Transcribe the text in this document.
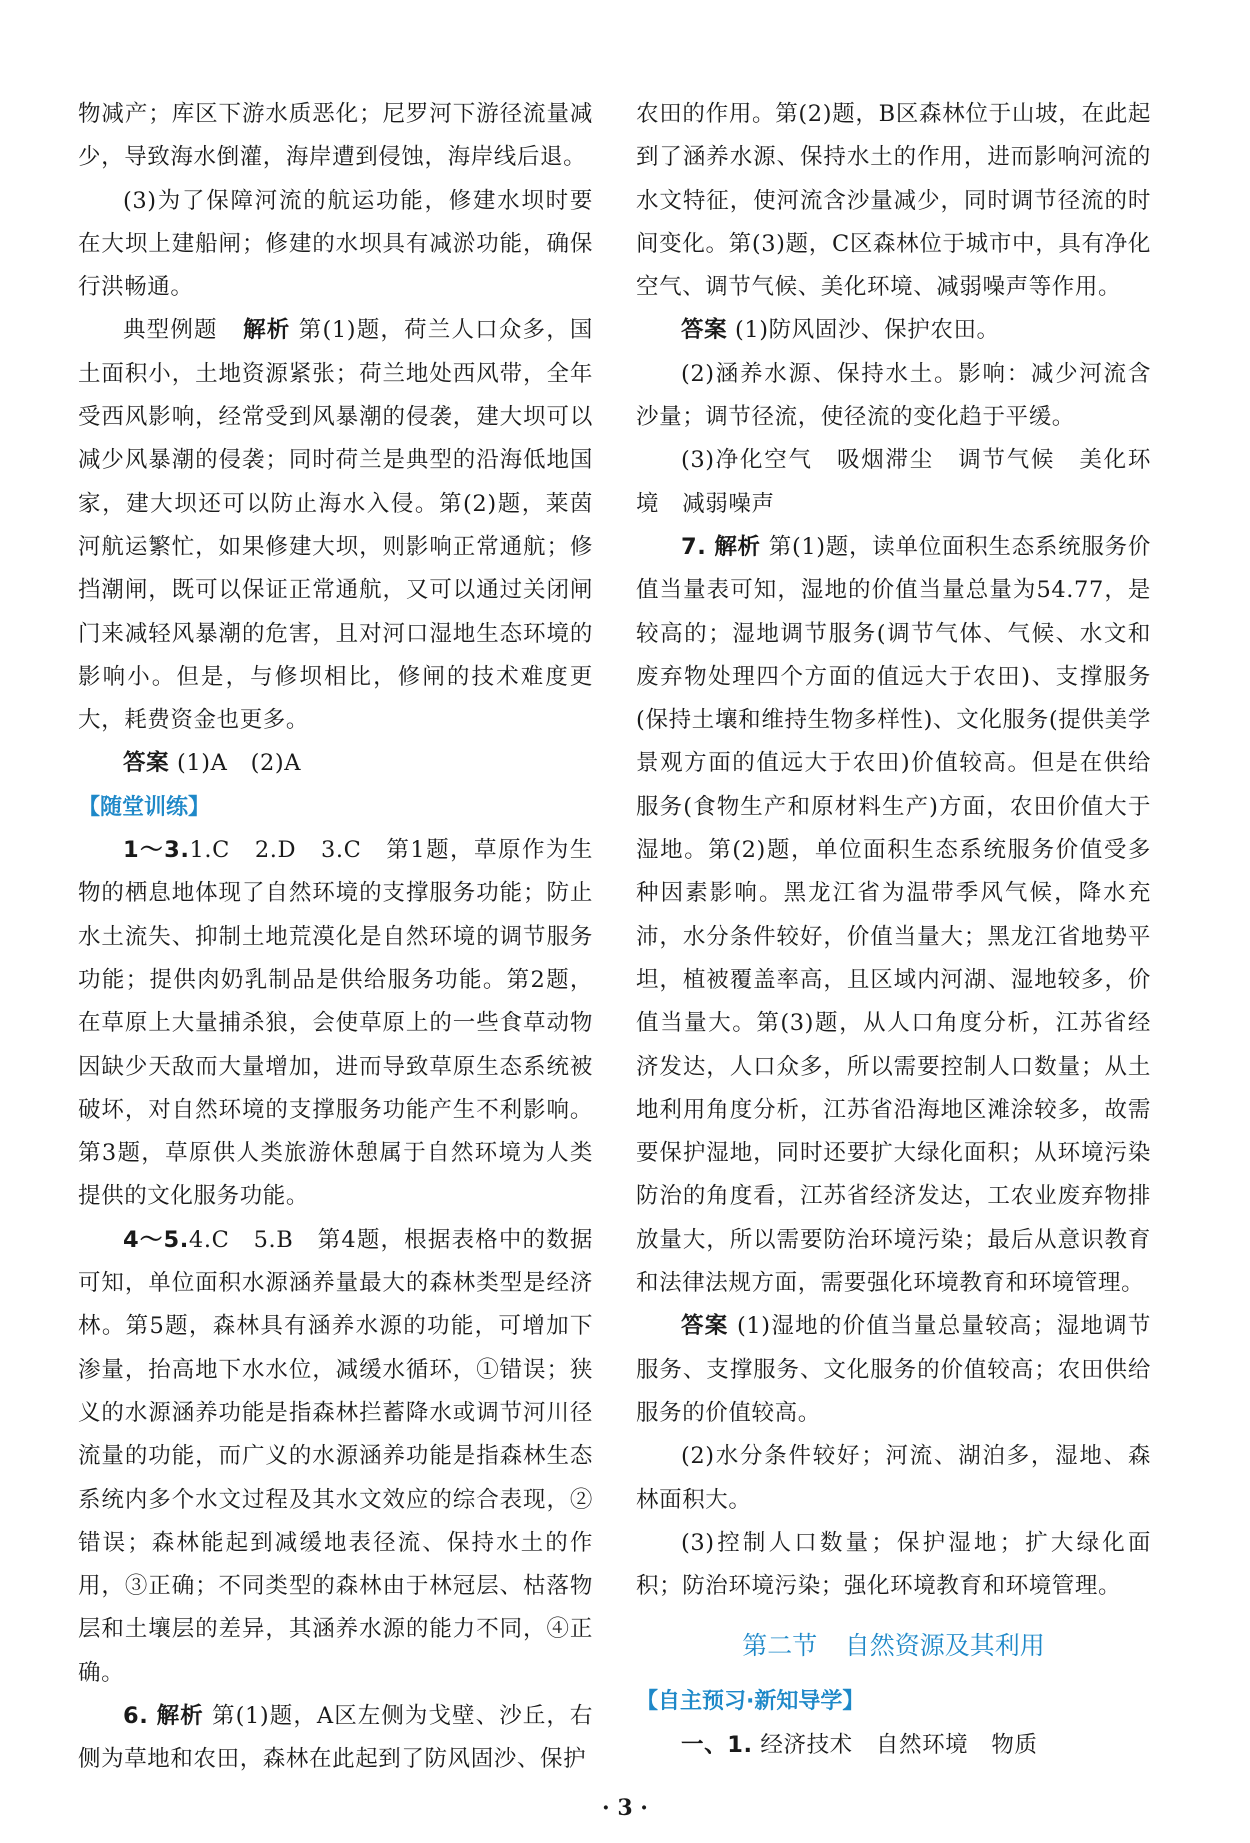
物减产；库区下游水质恶化；尼罗河下游径流量减少，导致海水倒灌，海岸遭到侵蚀，海岸线后退。

(3)为了保障河流的航运功能，修建水坝时要在大坝上建船闸；修建的水坝具有减淤功能，确保行洪畅通。

典型例题 解析 第(1)题，荷兰人口众多，国土面积小，土地资源紧张；荷兰地处西风带，全年受西风影响，经常受到风暴潮的侵袭，建大坝可以减少风暴潮的侵袭；同时荷兰是典型的沿海低地国家，建大坝还可以防止海水入侵。第(2)题，莱茵河航运繁忙，如果修建大坝，则影响正常通航；修挡潮闸，既可以保证正常通航，又可以通过关闭闸门来减轻风暴潮的危害，且对河口湿地生态环境的影响小。但是，与修坝相比，修闸的技术难度更大，耗费资金也更多。

答案 (1)A　(2)A

【随堂训练】

1～3.1.C　2.D　3.C　第1题，草原作为生物的栖息地体现了自然环境的支撑服务功能；防止水土流失、抑制土地荒漠化是自然环境的调节服务功能；提供肉奶乳制品是供给服务功能。第2题，在草原上大量捕杀狼，会使草原上的一些食草动物因缺少天敌而大量增加，进而导致草原生态系统被破坏，对自然环境的支撑服务功能产生不利影响。第3题，草原供人类旅游休憩属于自然环境为人类提供的文化服务功能。

4～5.4.C　5.B　第4题，根据表格中的数据可知，单位面积水源涵养量最大的森林类型是经济林。第5题，森林具有涵养水源的功能，可增加下渗量，抬高地下水水位，减缓水循环，①错误；狭义的水源涵养功能是指森林拦蓄降水或调节河川径流量的功能，而广义的水源涵养功能是指森林生态系统内多个水文过程及其水文效应的综合表现，②错误；森林能起到减缓地表径流、保持水土的作用，③正确；不同类型的森林由于林冠层、枯落物层和土壤层的差异，其涵养水源的能力不同，④正确。

6. 解析 第(1)题，A区左侧为戈壁、沙丘，右侧为草地和农田，森林在此起到了防风固沙、保护

农田的作用。第(2)题，B区森林位于山坡，在此起到了涵养水源、保持水土的作用，进而影响河流的水文特征，使河流含沙量减少，同时调节径流的时间变化。第(3)题，C区森林位于城市中，具有净化空气、调节气候、美化环境、减弱噪声等作用。

答案 (1)防风固沙、保护农田。

(2)涵养水源、保持水土。影响：减少河流含沙量；调节径流，使径流的变化趋于平缓。

(3)净化空气　吸烟滞尘　调节气候　美化环境　减弱噪声

7. 解析 第(1)题，读单位面积生态系统服务价值当量表可知，湿地的价值当量总量为54.77，是较高的；湿地调节服务(调节气体、气候、水文和废弃物处理四个方面的值远大于农田)、支撑服务(保持土壤和维持生物多样性)、文化服务(提供美学景观方面的值远大于农田)价值较高。但是在供给服务(食物生产和原材料生产)方面，农田价值大于湿地。第(2)题，单位面积生态系统服务价值受多种因素影响。黑龙江省为温带季风气候，降水充沛，水分条件较好，价值当量大；黑龙江省地势平坦，植被覆盖率高，且区域内河湖、湿地较多，价值当量大。第(3)题，从人口角度分析，江苏省经济发达，人口众多，所以需要控制人口数量；从土地利用角度分析，江苏省沿海地区滩涂较多，故需要保护湿地，同时还要扩大绿化面积；从环境污染防治的角度看，江苏省经济发达，工农业废弃物排放量大，所以需要防治环境污染；最后从意识教育和法律法规方面，需要强化环境教育和环境管理。

答案 (1)湿地的价值当量总量较高；湿地调节服务、支撑服务、文化服务的价值较高；农田供给服务的价值较高。

(2)水分条件较好；河流、湖泊多，湿地、森林面积大。

(3)控制人口数量；保护湿地；扩大绿化面积；防治环境污染；强化环境教育和环境管理。

第二节 自然资源及其利用

【自主预习·新知导学】

一、1. 经济技术　自然环境　物质

· 3 ·
